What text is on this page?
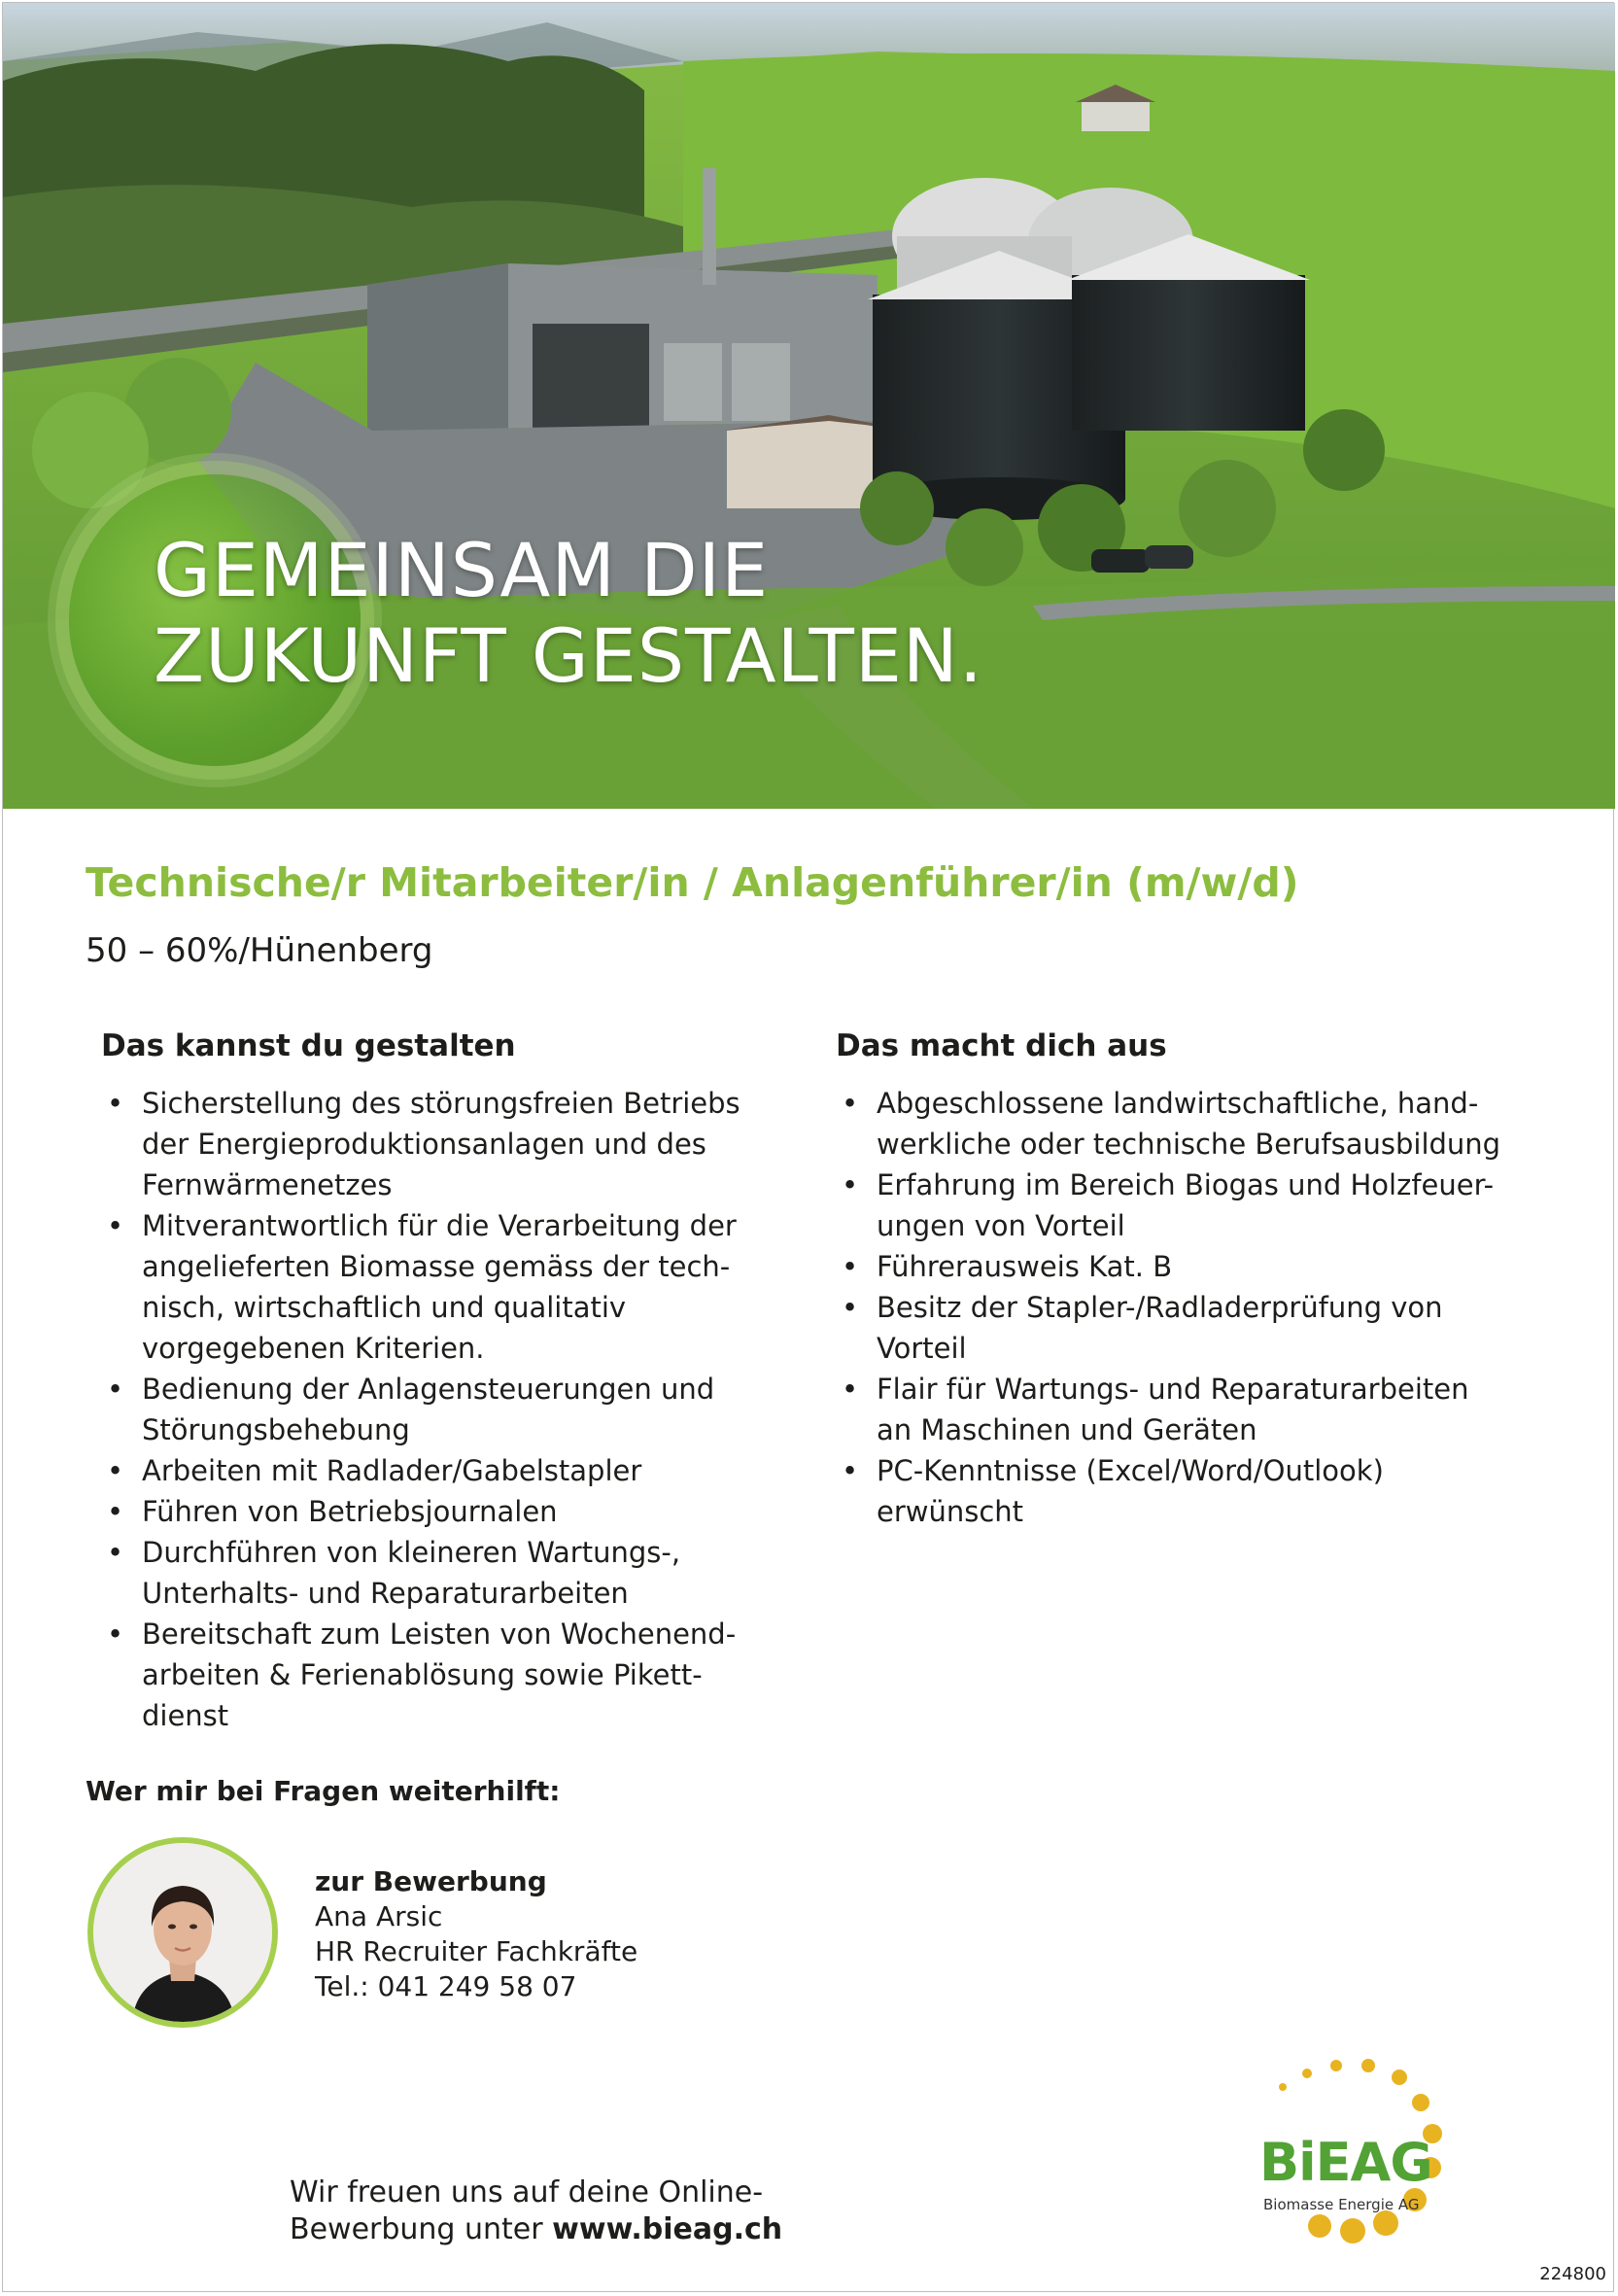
GEMEINSAM DIE
ZUKUNFT GESTALTEN.
Technische/r Mitarbeiter/in / Anlagenführer/in (m/w/d)
50 – 60%/Hünenberg
Das kannst du gestalten
• Sicherstellung des störungsfreien Betriebs
der Energieproduktionsanlagen und des
Fernwärmenetzes
• Mitverantwortlich für die Verarbeitung der
angelieferten Biomasse gemäss der tech-
nisch, wirtschaftlich und qualitativ
vorgegebenen Kriterien.
• Bedienung der Anlagensteuerungen und
Störungsbehebung
• Arbeiten mit Radlader/Gabelstapler
• Führen von Betriebsjournalen
• Durchführen von kleineren Wartungs-,
Unterhalts- und Reparaturarbeiten
• Bereitschaft zum Leisten von Wochenend-
arbeiten & Ferienablösung sowie Pikett-
dienst
Das macht dich aus
• Abgeschlossene landwirtschaftliche, hand-
werkliche oder technische Berufsausbildung
• Erfahrung im Bereich Biogas und Holzfeuer-
ungen von Vorteil
• Führerausweis Kat. B
• Besitz der Stapler-/Radladerprüfung von
Vorteil
• Flair für Wartungs- und Reparaturarbeiten
an Maschinen und Geräten
• PC-Kenntnisse (Excel/Word/Outlook)
erwünscht
Wer mir bei Fragen weiterhilft:
zur Bewerbung
Ana Arsic
HR Recruiter Fachkräfte
Tel.: 041 249 58 07
Wir freuen uns auf deine Online-
Bewerbung unter www.bieag.ch
BiEAG
Biomasse Energie AG
224800
